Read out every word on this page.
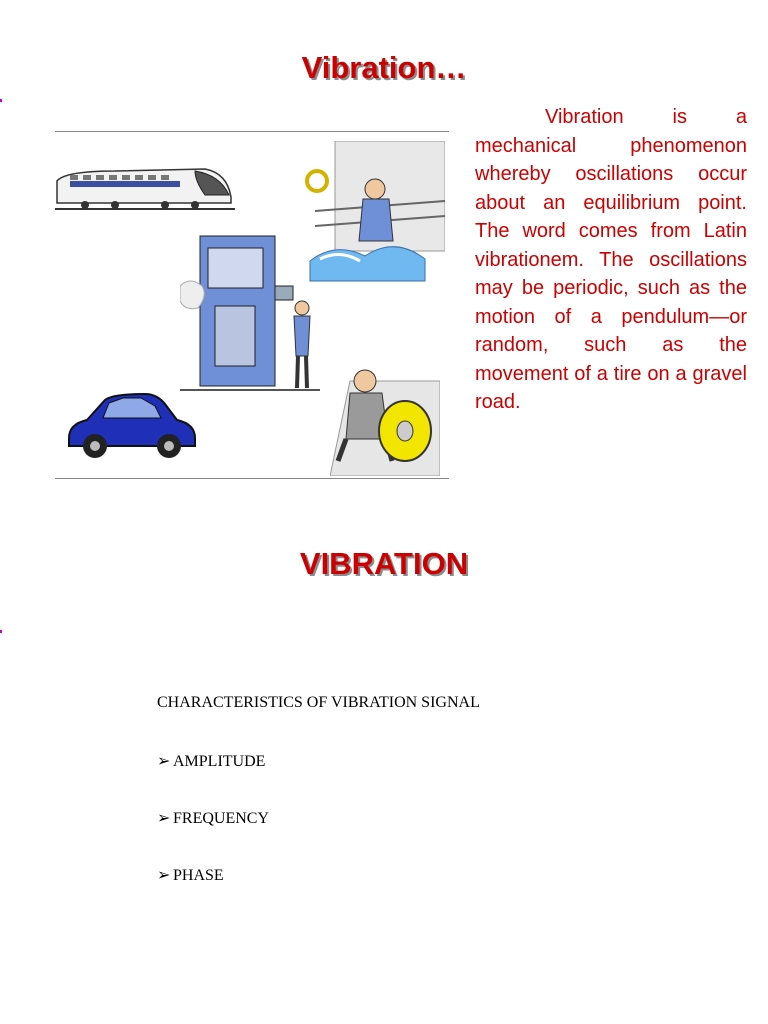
Vibration…

Vibration is a mechanical phenomenon whereby oscillations occur about an equilibrium point. The word comes from Latin vibrationem. The oscillations may be periodic, such as the motion of a pendulum—or random, such as the movement of a tire on a gravel road.

VIBRATION

CHARACTERISTICS OF VIBRATION SIGNAL

➢ AMPLITUDE

➢ FREQUENCY

➢ PHASE
